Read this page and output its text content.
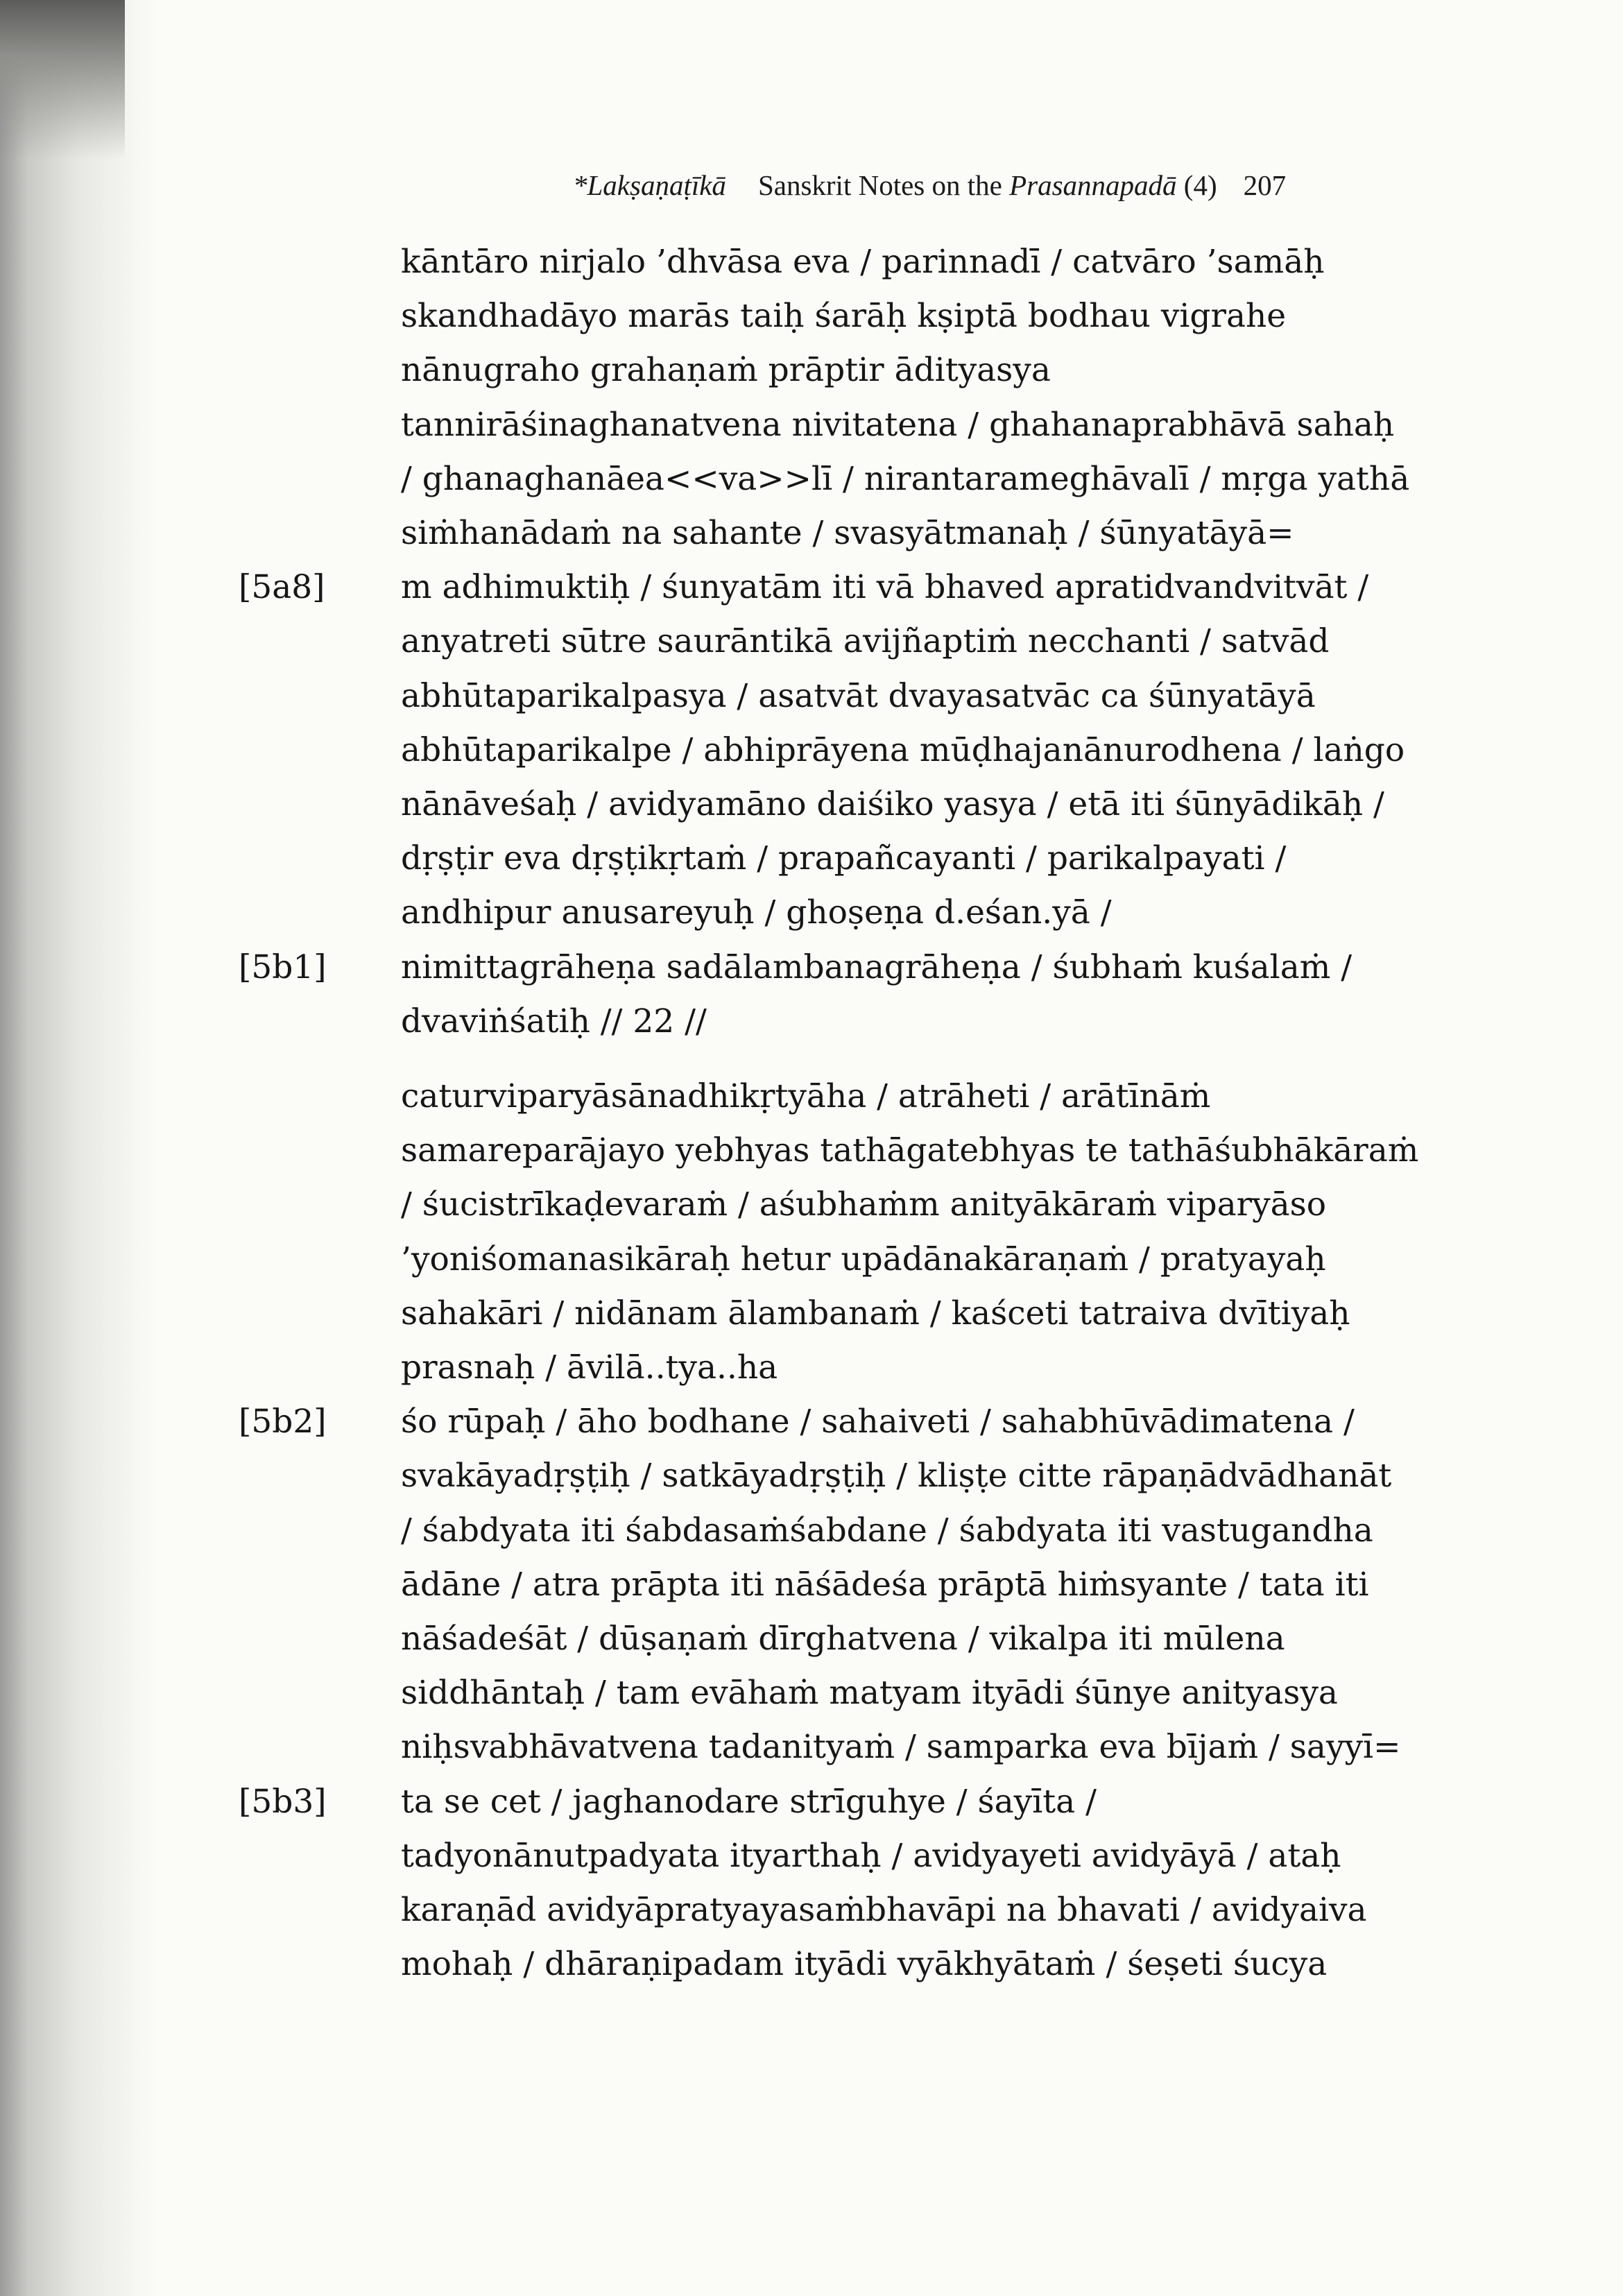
*Lakṣaṇaṭīkā Sanskrit Notes on the Prasannapadā (4) 207
kāntāro nirjalo ’dhvāsa eva / parinnadī / catvāro ’samāḥ
skandhadāyo marās taiḥ śarāḥ kṣiptā bodhau vigrahe
nānugraho grahaṇaṁ prāptir ādityasya
tannirāśinaghanatvena nivitatena / ghahanaprabhāvā sahaḥ
/ ghanaghanāea<<va>>lī / nirantarameghāvalī / mṛga yathā
siṁhanādaṁ na sahante / svasyātmanaḥ / śūnyatāyā=
m adhimuktiḥ / śunyatām iti vā bhaved apratidvandvitvāt /
anyatreti sūtre saurāntikā avijñaptiṁ necchanti / satvād
abhūtaparikalpasya / asatvāt dvayasatvāc ca śūnyatāyā
abhūtaparikalpe / abhiprāyena mūḍhajanānurodhena / laṅgo
nānāveśaḥ / avidyamāno daiśiko yasya / etā iti śūnyādikāḥ /
dṛṣṭir eva dṛṣṭikṛtaṁ / prapañcayanti / parikalpayati /
andhipur anusareyuḥ / ghoṣeṇa d.eśan.yā /
nimittagrāheṇa sadālambanagrāheṇa / śubhaṁ kuśalaṁ /
dvaviṅśatiḥ // 22 //
caturviparyāsānadhikṛtyāha / atrāheti / arātīnāṁ
samareparājayo yebhyas tathāgatebhyas te tathāśubhākāraṁ
/ śucistrīkaḍevaraṁ / aśubhaṁm anityākāraṁ viparyāso
’yoniśomanasikāraḥ hetur upādānakāraṇaṁ / pratyayaḥ
sahakāri / nidānam ālambanaṁ / kaśceti tatraiva dvītiyaḥ
prasnaḥ / āvilā..tya..ha
śo rūpaḥ / āho bodhane / sahaiveti / sahabhūvādimatena /
svakāyadṛṣṭiḥ / satkāyadṛṣṭiḥ / kliṣṭe citte rāpaṇādvādhanāt
/ śabdyata iti śabdasaṁśabdane / śabdyata iti vastugandha
ādāne / atra prāpta iti nāśādeśa prāptā hiṁsyante / tata iti
nāśadeśāt / dūṣaṇaṁ dīrghatvena / vikalpa iti mūlena
siddhāntaḥ / tam evāhaṁ matyam ityādi śūnye anityasya
niḥsvabhāvatvena tadanityaṁ / samparka eva bījaṁ / sayyī=
ta se cet / jaghanodare strīguhye / śayīta /
tadyonānutpadyata ityarthaḥ / avidyayeti avidyāyā / ataḥ
karaṇād avidyāpratyayasaṁbhavāpi na bhavati / avidyaiva
mohaḥ / dhāraṇipadam ityādi vyākhyātaṁ / śeṣeti śucya
[5a8]
[5b1]
[5b2]
[5b3]
